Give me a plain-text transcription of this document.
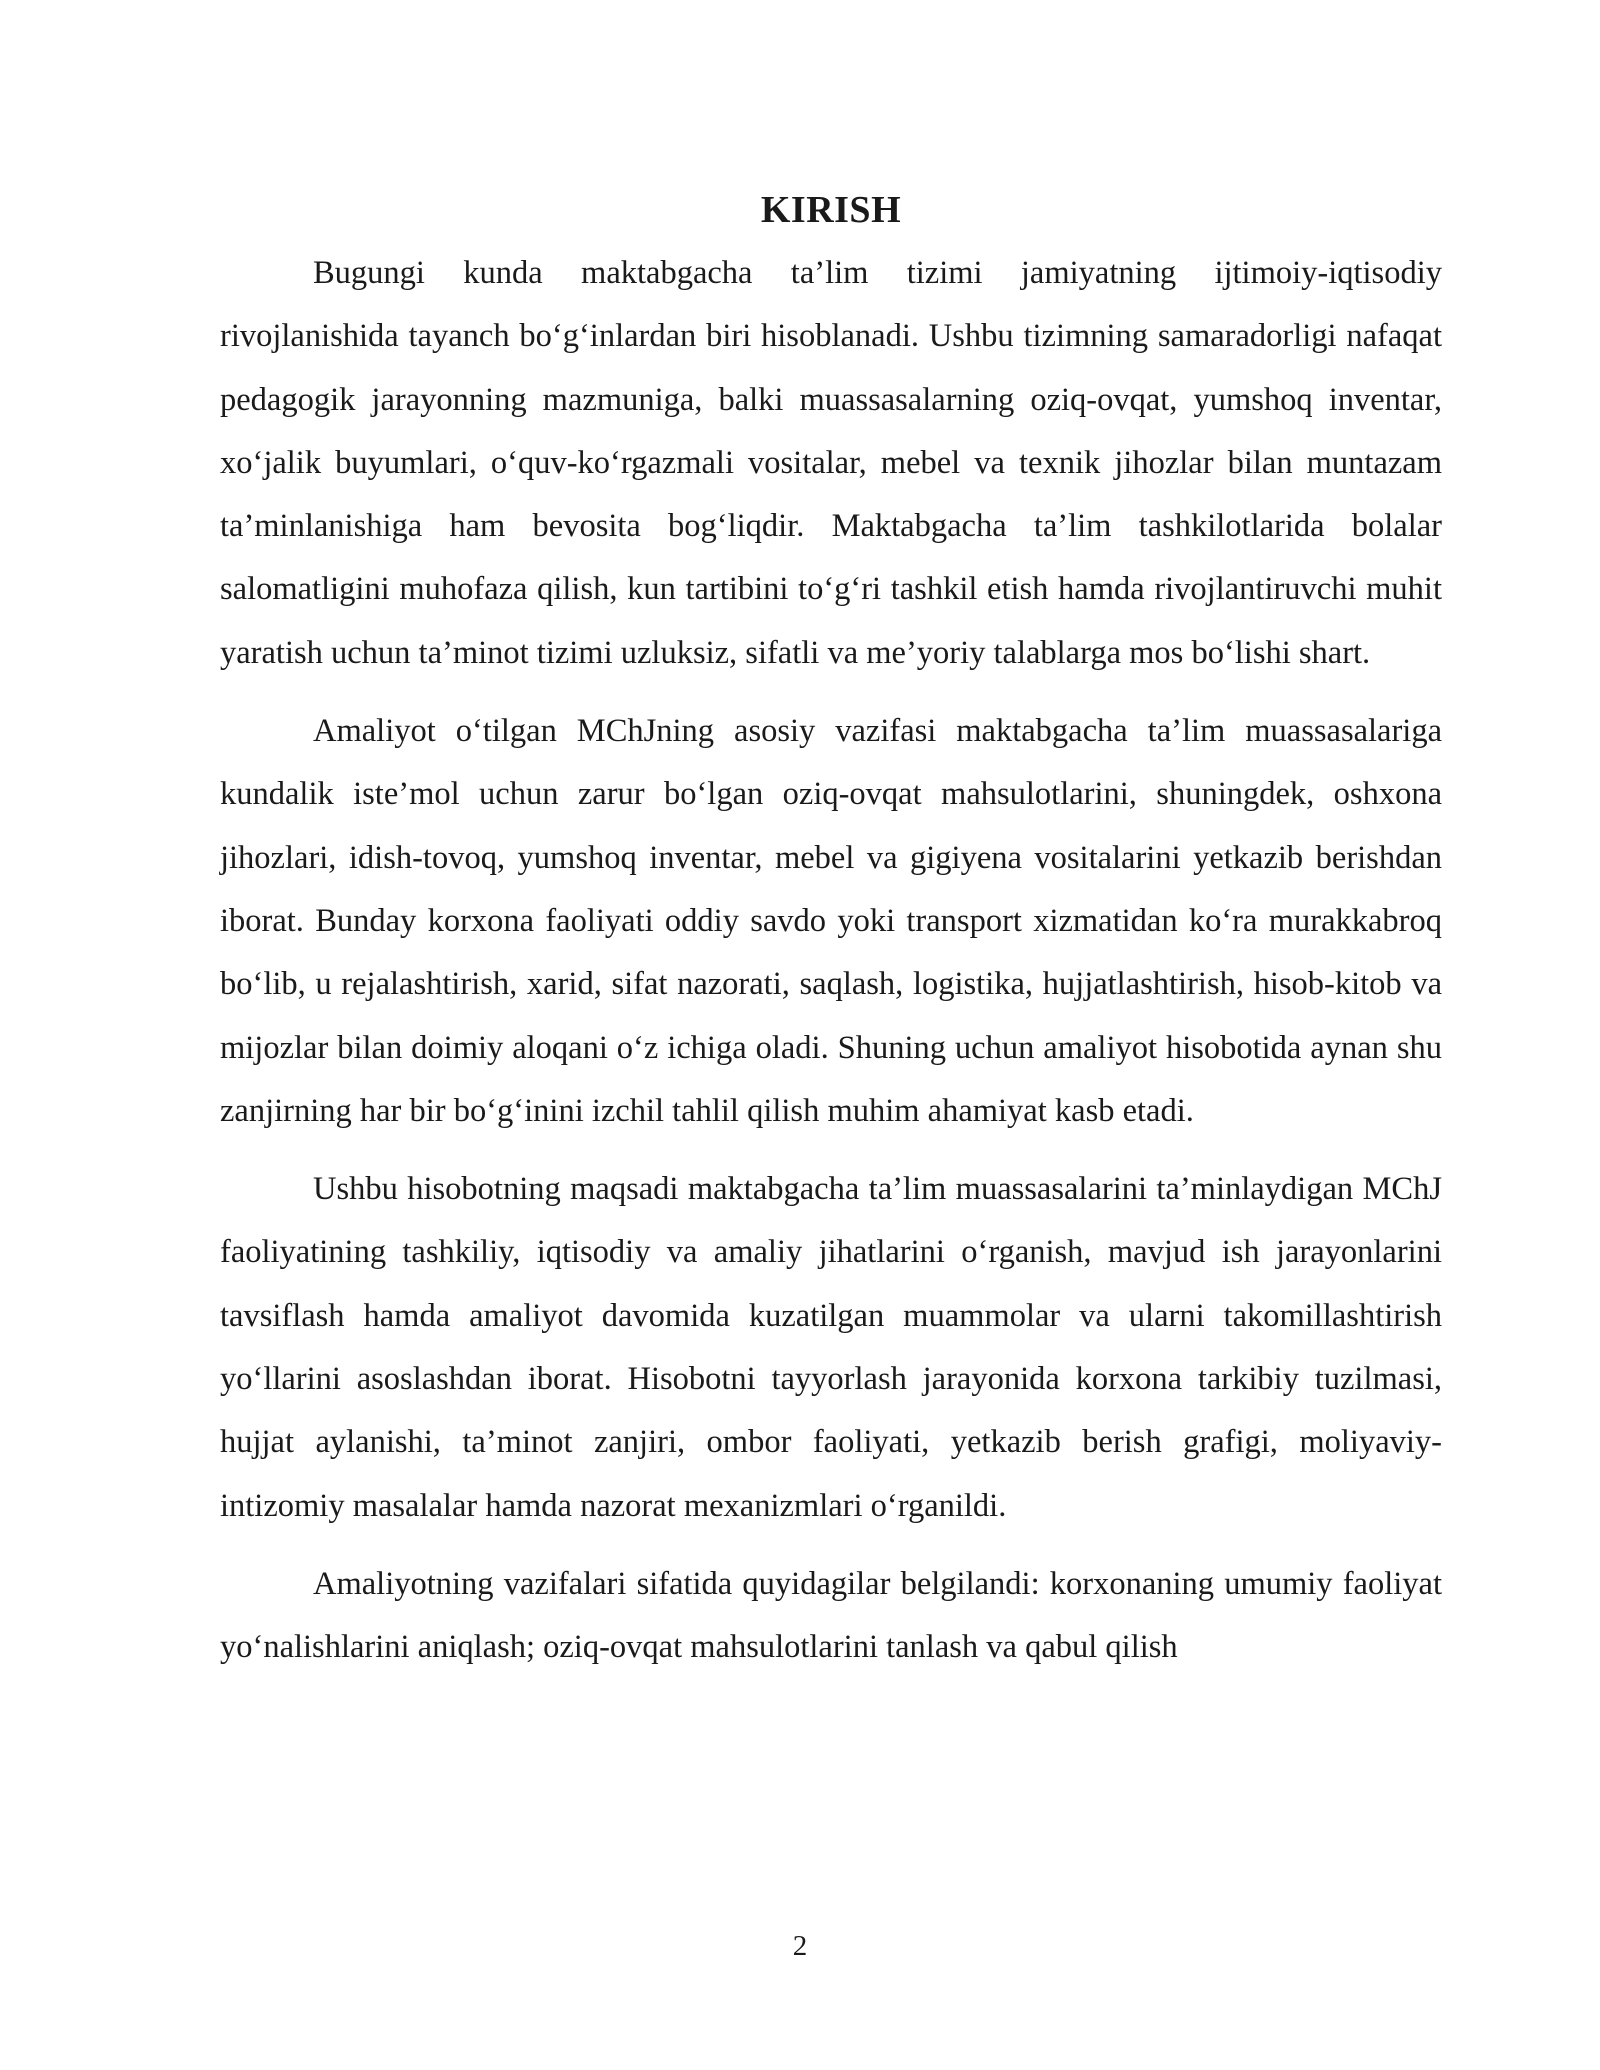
KIRISH

Bugungi kunda maktabgacha ta’lim tizimi jamiyatning ijtimoiy-iqtisodiy rivojlanishida tayanch bo‘g‘inlardan biri hisoblanadi. Ushbu tizimning samaradorligi nafaqat pedagogik jarayonning mazmuniga, balki muassasalarning oziq-ovqat, yumshoq inventar, xo‘jalik buyumlari, o‘quv-ko‘rgazmali vositalar, mebel va texnik jihozlar bilan muntazam ta’minlanishiga ham bevosita bog‘liqdir. Maktabgacha ta’lim tashkilotlarida bolalar salomatligini muhofaza qilish, kun tartibini to‘g‘ri tashkil etish hamda rivojlantiruvchi muhit yaratish uchun ta’minot tizimi uzluksiz, sifatli va me’yoriy talablarga mos bo‘lishi shart.

Amaliyot o‘tilgan MChJning asosiy vazifasi maktabgacha ta’lim muassasalariga kundalik iste’mol uchun zarur bo‘lgan oziq-ovqat mahsulotlarini, shuningdek, oshxona jihozlari, idish-tovoq, yumshoq inventar, mebel va gigiyena vositalarini yetkazib berishdan iborat. Bunday korxona faoliyati oddiy savdo yoki transport xizmatidan ko‘ra murakkabroq bo‘lib, u rejalashtirish, xarid, sifat nazorati, saqlash, logistika, hujjatlashtirish, hisob-kitob va mijozlar bilan doimiy aloqani o‘z ichiga oladi. Shuning uchun amaliyot hisobotida aynan shu zanjirning har bir bo‘g‘inini izchil tahlil qilish muhim ahamiyat kasb etadi.

Ushbu hisobotning maqsadi maktabgacha ta’lim muassasalarini ta’minlaydigan MChJ faoliyatining tashkiliy, iqtisodiy va amaliy jihatlarini o‘rganish, mavjud ish jarayonlarini tavsiflash hamda amaliyot davomida kuzatilgan muammolar va ularni takomillashtirish yo‘llarini asoslashdan iborat. Hisobotni tayyorlash jarayonida korxona tarkibiy tuzilmasi, hujjat aylanishi, ta’minot zanjiri, ombor faoliyati, yetkazib berish grafigi, moliyaviy-intizomiy masalalar hamda nazorat mexanizmlari o‘rganildi.

Amaliyotning vazifalari sifatida quyidagilar belgilandi: korxonaning umumiy faoliyat yo‘nalishlarini aniqlash; oziq-ovqat mahsulotlarini tanlash va qabul qilish

2
